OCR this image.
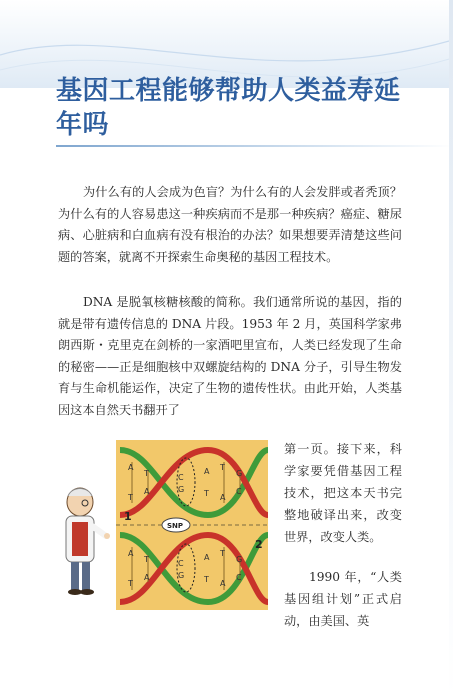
基因工程能够帮助人类益寿延年吗
为什么有的人会成为色盲？为什么有的人会发胖或者秃顶？为什么有的人容易患这一种疾病而不是那一种疾病？癌症、糖尿病、心脏病和白血病有没有根治的办法？如果想要弄清楚这些问题的答案，就离不开探索生命奥秘的基因工程技术。
DNA 是脱氧核糖核酸的简称。我们通常所说的基因，指的就是带有遗传信息的 DNA 片段。1953 年 2 月，英国科学家弗朗西斯・克里克在剑桥的一家酒吧里宣布，人类已经发现了生命的秘密——正是细胞核中双螺旋结构的 DNA 分子，引导生物发育与生命机能运作，决定了生物的遗传性状。由此开始，人类基因这本自然天书翻开了
第一页。接下来，科学家要凭借基因工程技术，把这本天书完整地破译出来，改变世界，改变人类。
1990 年，“人类基因组计划”正式启动，由美国、英
A
T	C
A T
G
T
A	G T A
C
A
T	C
A T
G
T
A	G T A
C
SNP
1
2
